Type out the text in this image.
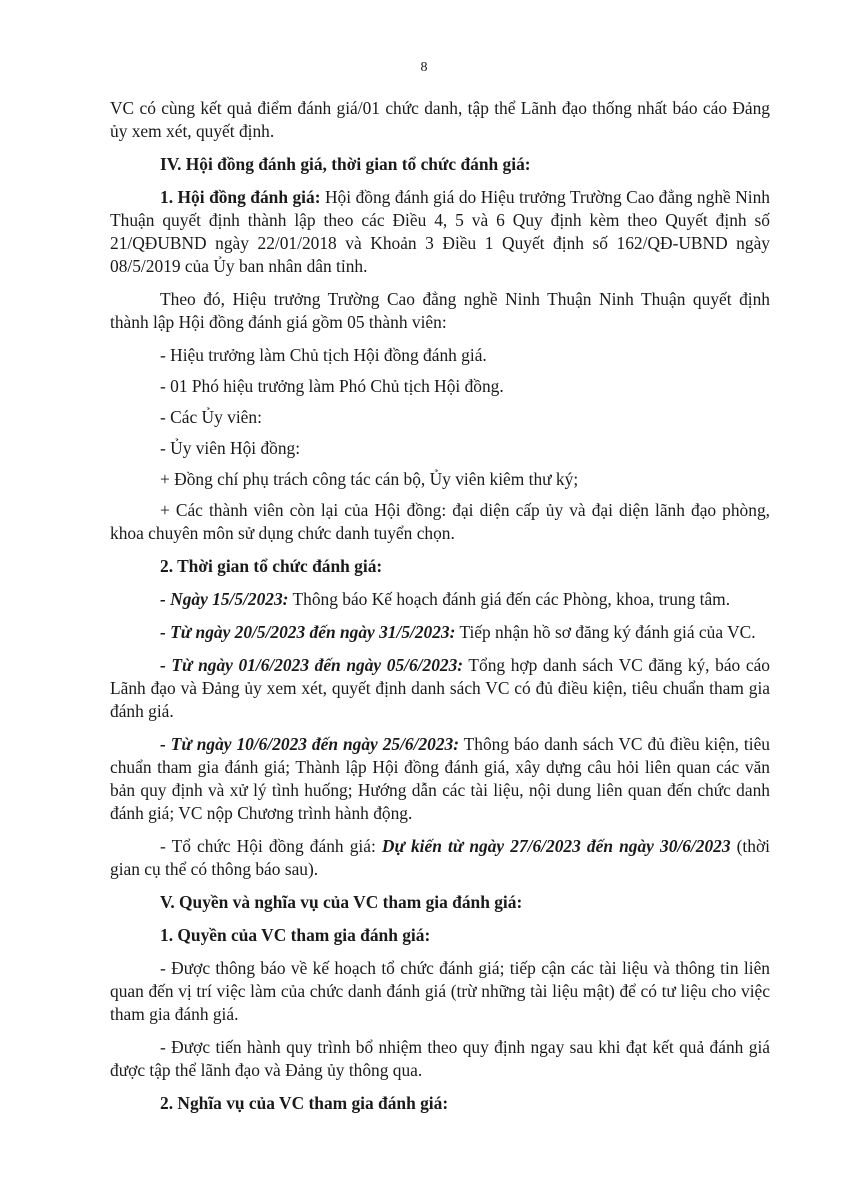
8

VC có cùng kết quả điểm đánh giá/01 chức danh, tập thể Lãnh đạo thống nhất báo cáo Đảng ủy xem xét, quyết định.

IV. Hội đồng đánh giá, thời gian tổ chức đánh giá:

1. Hội đồng đánh giá: Hội đồng đánh giá do Hiệu trưởng Trường Cao đẳng nghề Ninh Thuận quyết định thành lập theo các Điều 4, 5 và 6 Quy định kèm theo Quyết định số 21/QĐUBND ngày 22/01/2018 và Khoản 3 Điều 1 Quyết định số 162/QĐ-UBND ngày 08/5/2019 của Ủy ban nhân dân tỉnh.

Theo đó, Hiệu trưởng Trường Cao đẳng nghề Ninh Thuận Ninh Thuận quyết định thành lập Hội đồng đánh giá gồm 05 thành viên:

- Hiệu trưởng làm Chủ tịch Hội đồng đánh giá.

- 01 Phó hiệu trưởng làm Phó Chủ tịch Hội đồng.

- Các Ủy viên:

- Ủy viên Hội đồng:

+ Đồng chí phụ trách công tác cán bộ, Ủy viên kiêm thư ký;

+ Các thành viên còn lại của Hội đồng: đại diện cấp ủy và đại diện lãnh đạo phòng, khoa chuyên môn sử dụng chức danh tuyển chọn.

2. Thời gian tổ chức đánh giá:

- Ngày 15/5/2023: Thông báo Kế hoạch đánh giá đến các Phòng, khoa, trung tâm.

- Từ ngày 20/5/2023 đến ngày 31/5/2023: Tiếp nhận hồ sơ đăng ký đánh giá của VC.

- Từ ngày 01/6/2023 đến ngày 05/6/2023: Tổng hợp danh sách VC đăng ký, báo cáo Lãnh đạo và Đảng ủy xem xét, quyết định danh sách VC có đủ điều kiện, tiêu chuẩn tham gia đánh giá.

- Từ ngày 10/6/2023 đến ngày 25/6/2023: Thông báo danh sách VC đủ điều kiện, tiêu chuẩn tham gia đánh giá; Thành lập Hội đồng đánh giá, xây dựng câu hỏi liên quan các văn bản quy định và xử lý tình huống; Hướng dẫn các tài liệu, nội dung liên quan đến chức danh đánh giá; VC nộp Chương trình hành động.

- Tổ chức Hội đồng đánh giá: Dự kiến từ ngày 27/6/2023 đến ngày 30/6/2023 (thời gian cụ thể có thông báo sau).

V. Quyền và nghĩa vụ của VC tham gia đánh giá:

1. Quyền của VC tham gia đánh giá:

- Được thông báo về kế hoạch tổ chức đánh giá; tiếp cận các tài liệu và thông tin liên quan đến vị trí việc làm của chức danh đánh giá (trừ những tài liệu mật) để có tư liệu cho việc tham gia đánh giá.

- Được tiến hành quy trình bổ nhiệm theo quy định ngay sau khi đạt kết quả đánh giá được tập thể lãnh đạo và Đảng ủy thông qua.

2. Nghĩa vụ của VC tham gia đánh giá:
